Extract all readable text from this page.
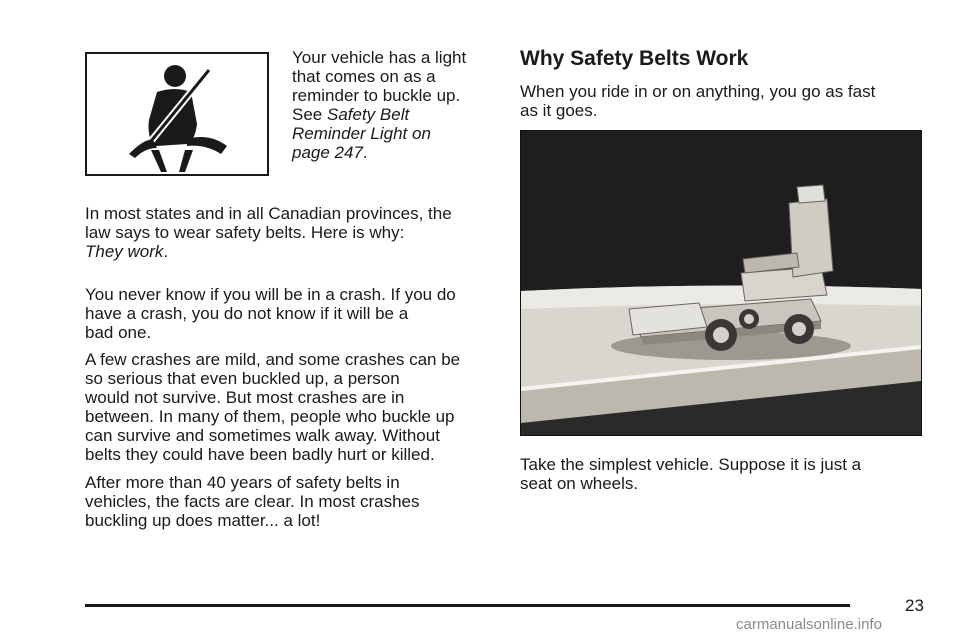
Your vehicle has a light
that comes on as a
reminder to buckle up.
See Safety Belt
Reminder Light on
page 247.

In most states and in all Canadian provinces, the
law says to wear safety belts. Here is why:
They work.

You never know if you will be in a crash. If you do
have a crash, you do not know if it will be a
bad one.

A few crashes are mild, and some crashes can be
so serious that even buckled up, a person
would not survive. But most crashes are in
between. In many of them, people who buckle up
can survive and sometimes walk away. Without
belts they could have been badly hurt or killed.

After more than 40 years of safety belts in
vehicles, the facts are clear. In most crashes
buckling up does matter... a lot!

Why Safety Belts Work

When you ride in or on anything, you go as fast
as it goes.

Take the simplest vehicle. Suppose it is just a
seat on wheels.

23
carmanualsonline.info
